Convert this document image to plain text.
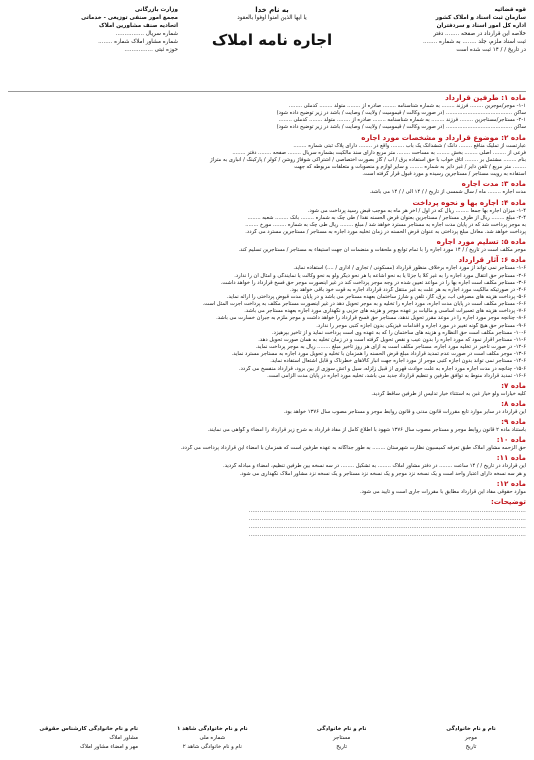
قوه قضائیه
سازمان ثبت اسناد و املاک کشور
اداره کل امور اسناد و سردفتران
خلاصه این قرارداد در صفحه ........ دفتر
ثبت اسناد ملزم، جلد ........ به شماره ........
در تاریخ / / ۱۴ ثبت شده است
به نام خدا
یا ایها الذین امنوا اوفوا بالعقود
اجاره نامه املاک
وزارت بازرگانی
مجمع امور صنفی توزیعی - خدماتی
اتحادیه صنف مشاورین املاک
شماره سریال ................
شماره مشاور املاک شماره ........
حوزه ثبتی ................
ماده ۱: طرفین قرارداد
۱-۱- موجر/موجرین ........ فرزند ........ به شماره شناسنامه ........ صادره از ........ متولد ........ کدملی ........
ساکن ........................................ (در صورت وکالت / قیمومیت / ولایت / وصایت / باشد در زیر توضیح داده شود)
۲-۱- مستاجر/مستاجرین ........ فرزند ........ به شماره شناسنامه ........ صادره از ........ متولد ........ کدملی ........
ساکن ........................................ (در صورت وکالت / قیمومیت / ولایت / وصایت / باشد در زیر توضیح داده شود)
ماده ۲: موضوع قرارداد و مشخصات مورد اجاره
عبارتست از تملیک منافع ........ دانگ / ششدانگ یک باب ........ واقع در ........ دارای پلاک ثبتی شماره ........
فرعی از ........ اصلی ........ بخش ........ به مساحت ........ متر مربع دارای سند مالکیت بشماره سریال ........ صفحه ........ دفتر ........
بنام ........ مشتمل بر ........ اتاق خواب با حق استفاده برق / آب / گاز بصورت اختصاصی / اشتراکی شوفاژ روشن / کولر / پارکینگ / انباری به متراژ
........ متر مربع / تلفن دایر / غیر دایر به شماره ........ و سایر لوازم و منصوبات و متعلقات مربوطه که جهت
استفاده به رویت مستاجر / مستاجرین رسیده و مورد قبول قرار گرفته است.
ماده ۳: مدت اجاره
مدت اجاره ........ ماه / سال شمسی از تاریخ / / ۱۴ الی / / ۱۴ می باشد.
ماده ۴: اجاره بها و نحوه پرداخت
۱-۴- میزان اجاره بها جمعاً ........ ریال که در اول / آخر هر ماه به موجب قبض رسید پرداخت می شود.
۲-۴- مبلغ ........ ریال از طرف مستاجر / مستاجرین بعنوان قرض الحسنه نقداً / طی چک به شماره ........ بانک ........ شعبه ........
به موجر پرداخت شد که در پایان مدت اجاره به مستاجر مسترد خواهد شد / مبلغ ........ ریال طی چک به شماره ........ مورخ ........
پرداخت خواهد شد. معادل مبلغ پرداختی به عنوان قرض الحسنه در زمان تخلیه مورد اجاره به مستاجر / مستاجرین مسترد می گردد.
ماده ۵: تسلیم مورد اجاره
موجر مکلف است در تاریخ / / ۱۴ مورد اجاره را با تمام توابع و ملحقات و منضمات آن جهت استیفاء به مستاجر / مستاجرین تسلیم کند.
ماده ۶: آثار قرارداد
۱-۶- مستاجر نمی تواند از مورد اجاره برخلاف منظور قرارداد (مسکونی / تجاری / اداری / ....) استفاده نماید.
۲-۶- مستاجر حق انتقال مورد اجاره را به غیر کلاً یا جزئاً یا به نحو اشاعه یا هر نحو دیگر ولو به نحو وکالت یا نمایندگی و امثال آن را ندارد.
۳-۶- مستاجر مکلف است اجاره بها را در مواعد تعیین شده در وجه موجر پرداخت کند در غیر اینصورت موجر حق فسخ قرارداد را خواهد داشت.
۴-۶- در صورتیکه مالکیت مورد اجاره به هر علت به غیر منتقل گردد قرارداد اجاره به قوت خود باقی خواهد بود.
۵-۶- پرداخت هزینه های مصرفی آب، برق، گاز، تلفن و شارژ ساختمان بعهده مستاجر می باشد و در پایان مدت قبوض پرداختی را ارائه نماید.
۶-۶- مستاجر مکلف است در پایان مدت اجاره، مورد اجاره را تخلیه و به موجر تحویل دهد در غیر اینصورت مستاجر مکلف به پرداخت اجرت المثل است.
۷-۶- پرداخت هزینه های تعمیرات اساسی و مالیات بر عهده موجر و هزینه های جزیی و نگهداری مورد اجاره بعهده مستاجر می باشد.
۸-۶- چنانچه موجر مورد اجاره را در موعد مقرر تحویل ندهد، مستاجر حق فسخ قرارداد را خواهد داشت و موجر ملزم به جبران خسارت می باشد.
۹-۶- مستاجر حق هیچ گونه تغییر در مورد اجاره و اقدامات فیزیکی بدون اجازه کتبی موجر را ندارد.
۱۰-۶- مستاجر مکلف است حق النظاره و هزینه های ساختمان را که به عهده وی است پرداخت نماید و از تاخیر بپرهیزد.
۱۱-۶- مستاجر اقرار نمود که مورد اجاره را بدون عیب و نقص تحویل گرفته است و در زمان تخلیه به همان صورت تحویل دهد.
۱۲-۶- در صورت تاخیر در تخلیه مورد اجاره، مستاجر مکلف است به ازای هر روز تاخیر مبلغ ........ ریال به موجر پرداخت نماید.
۱۳-۶- موجر مکلف است در صورت عدم تمدید قرارداد مبلغ قرض الحسنه را همزمان با تخلیه و تحویل مورد اجاره به مستاجر مسترد نماید.
۱۴-۶- مستاجر نمی تواند بدون اجازه کتبی موجر از مورد اجاره جهت انبار کالاهای خطرناک و قابل اشتعال استفاده نماید.
۱۵-۶- چنانچه در مدت اجاره مورد اجاره به علت حوادث قهری از قبیل زلزله، سیل و آتش سوزی از بین برود، قرارداد منفسخ می گردد.
۱۶-۶- تمدید قرارداد منوط به توافق طرفین و تنظیم قرارداد جدید می باشد، تخلیه مورد اجاره در پایان مدت الزامی است.
ماده ۷:
کلیه خیارات ولو خیار غبن به استثناء خیار تدلیس از طرفین ساقط گردید.
ماده ۸:
این قرارداد در سایر موارد تابع مقررات قانون مدنی و قانون روابط موجر و مستاجر مصوب سال ۱۳۷۶ خواهد بود.
ماده ۹:
باستناد ماده ۲ قانون روابط موجر و مستاجر مصوب سال ۱۳۷۶ شهود با اطلاع کامل از مفاد قرارداد به شرح زیر قرارداد را امضاء و گواهی می نمایند.
ماده ۱۰:
حق الزحمه مشاور املاک طبق تعرفه کمیسیون نظارت شهرستان ........ به طور جداگانه به عهده طرفین است که همزمان با امضاء این قرارداد پرداخت می گردد.
ماده ۱۱:
این قرارداد در تاریخ / / ۱۴ ساعت ........ در دفتر مشاور املاک ........ به تشکیل ........ در سه نسخه بین طرفین تنظیم، امضاء و مبادله گردید.
و هر سه نسخه دارای اعتبار واحد است و یک نسخه نزد موجر و یک نسخه نزد مستاجر و یک نسخه نزد مشاور املاک نگهداری می شود.
ماده ۱۲:
موارد حقوقی مفاد این قرارداد مطابق با مقررات جاری است و تایید می شود.
توضیحات:
......................................................................................................................................................
......................................................................................................................................................
......................................................................................................................................................
......................................................................................................................................................
نام و نام خانوادگی
موجر
تاریخ
نام و نام خانوادگی
مستاجر
تاریخ
نام و نام خانوادگی شاهد ۱
شماره ملی
نام و نام خانوادگی شاهد ۲
نام و نام خانوادگی کارشناس حقوقی
مشاور املاک
مهر و امضاء مشاور املاک
